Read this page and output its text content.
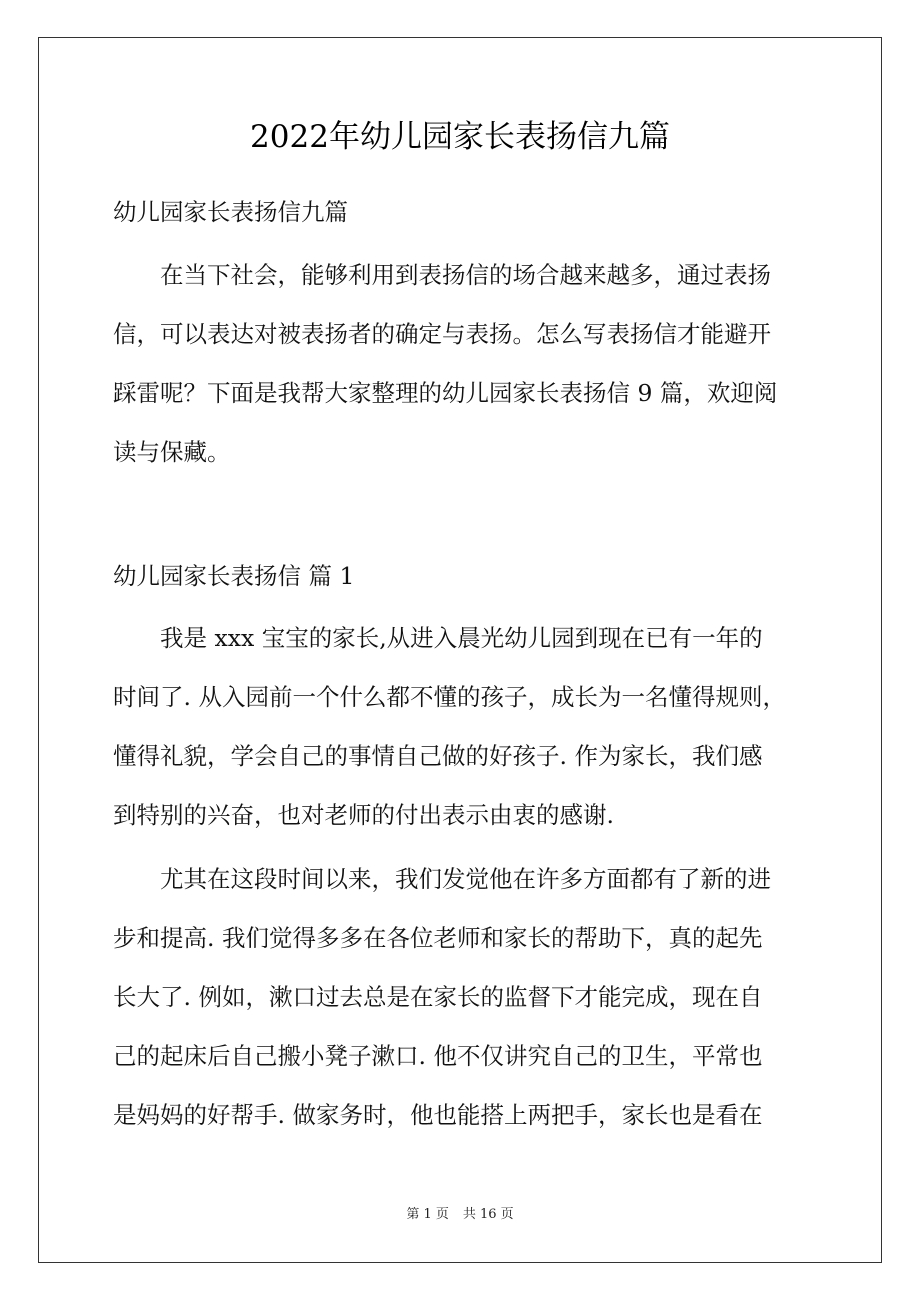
2022年幼儿园家长表扬信九篇
幼儿园家长表扬信九篇
在当下社会，能够利用到表扬信的场合越来越多，通过表扬
信，可以表达对被表扬者的确定与表扬。怎么写表扬信才能避开
踩雷呢？下面是我帮大家整理的幼儿园家长表扬信 9 篇，欢迎阅
读与保藏。
幼儿园家长表扬信 篇 1
我是 xxx 宝宝的家长,从进入晨光幼儿园到现在已有一年的
时间了. 从入园前一个什么都不懂的孩子，成长为一名懂得规则，
懂得礼貌，学会自己的事情自己做的好孩子. 作为家长，我们感
到特别的兴奋，也对老师的付出表示由衷的感谢.
尤其在这段时间以来，我们发觉他在许多方面都有了新的进
步和提高. 我们觉得多多在各位老师和家长的帮助下，真的起先
长大了. 例如，漱口过去总是在家长的监督下才能完成，现在自
己的起床后自己搬小凳子漱口. 他不仅讲究自己的卫生，平常也
是妈妈的好帮手. 做家务时，他也能搭上两把手，家长也是看在
第 1 页 共 16 页
